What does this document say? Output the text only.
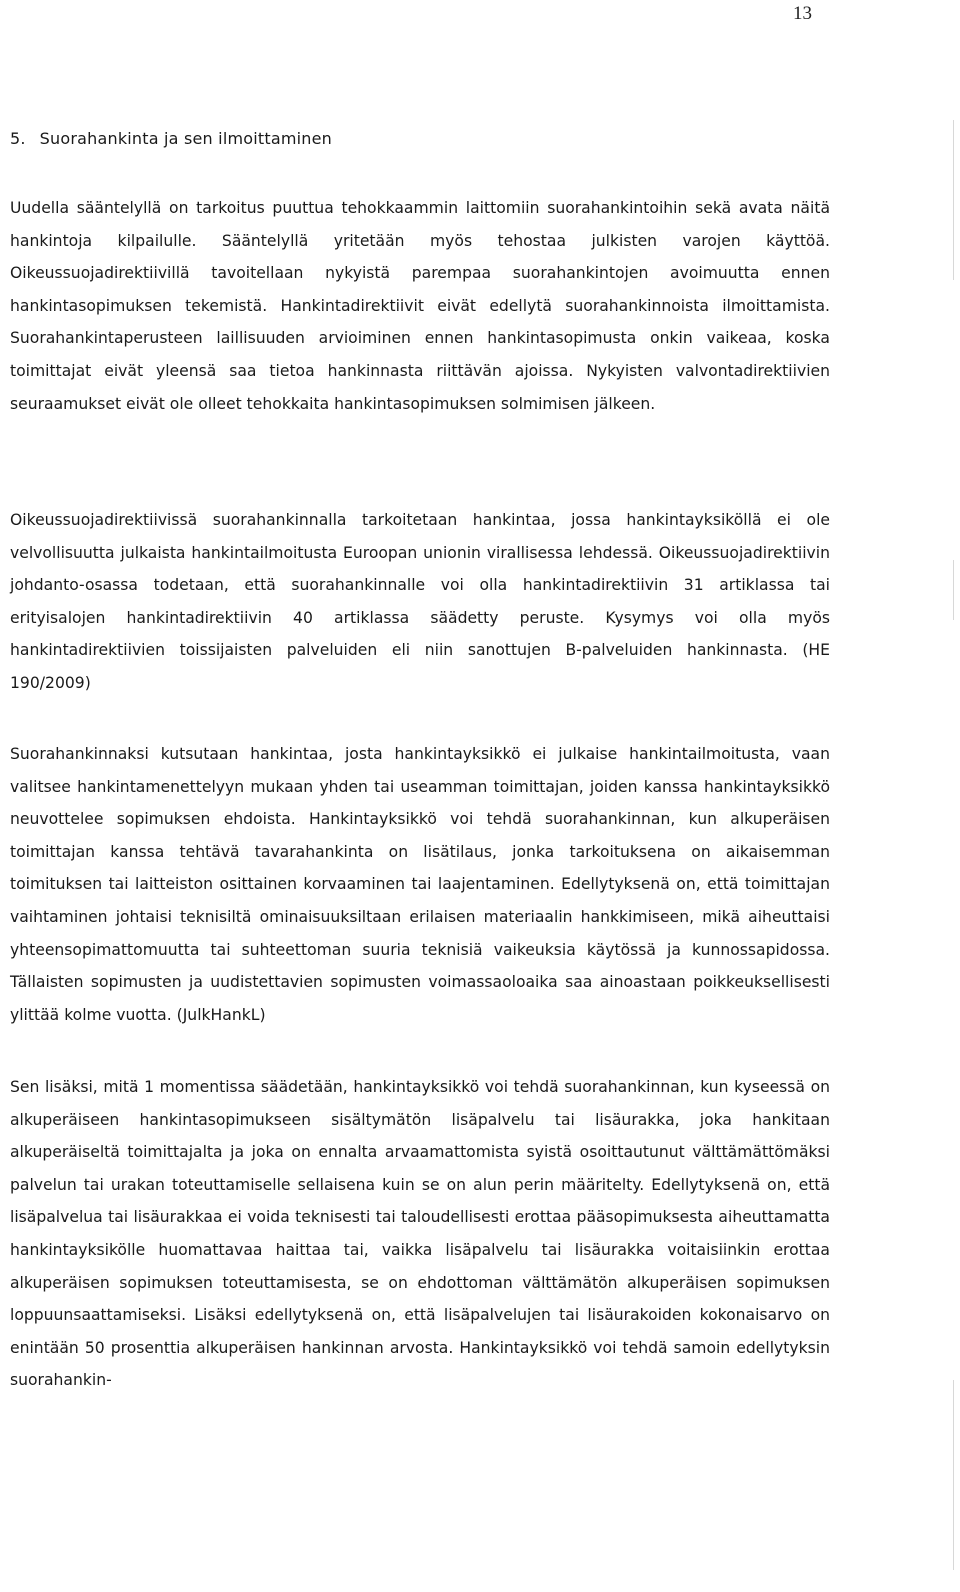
13
5. Suorahankinta ja sen ilmoittaminen

Uudella sääntelyllä on tarkoitus puuttua tehokkaammin laittomiin suorahankintoihin sekä avata näitä hankintoja kilpailulle. Sääntelyllä yritetään myös tehostaa julkisten varojen käyttöä. Oikeussuojadirektiivillä tavoitellaan nykyistä parempaa suorahankintojen avoimuutta ennen hankintasopimuksen tekemistä. Hankintadirektiivit eivät edellytä suorahankinnoista ilmoittamista. Suorahankintaperusteen laillisuuden arvioiminen ennen hankintasopimusta onkin vaikeaa, koska toimittajat eivät yleensä saa tietoa hankinnasta riittävän ajoissa. Nykyisten valvontadirektiivien seuraamukset eivät ole olleet tehokkaita hankintasopimuksen solmimisen jälkeen.

Oikeussuojadirektiivissä suorahankinnalla tarkoitetaan hankintaa, jossa hankintayksiköllä ei ole velvollisuutta julkaista hankintailmoitusta Euroopan unionin virallisessa lehdessä. Oikeussuojadirektiivin johdanto-osassa todetaan, että suorahankinnalle voi olla hankintadirektiivin 31 artiklassa tai erityisalojen hankintadirektiivin 40 artiklassa säädetty peruste. Kysymys voi olla myös hankintadirektiivien toissijaisten palveluiden eli niin sanottujen B-palveluiden hankinnasta. (HE 190/2009)

Suorahankinnaksi kutsutaan hankintaa, josta hankintayksikkö ei julkaise hankintailmoitusta, vaan valitsee hankintamenettelyyn mukaan yhden tai useamman toimittajan, joiden kanssa hankintayksikkö neuvottelee sopimuksen ehdoista. Hankintayksikkö voi tehdä suorahankinnan, kun alkuperäisen toimittajan kanssa tehtävä tavarahankinta on lisätilaus, jonka tarkoituksena on aikaisemman toimituksen tai laitteiston osittainen korvaaminen tai laajentaminen. Edellytyksenä on, että toimittajan vaihtaminen johtaisi teknisiltä ominaisuuksiltaan erilaisen materiaalin hankkimiseen, mikä aiheuttaisi yhteensopimattomuutta tai suhteettoman suuria teknisiä vaikeuksia käytössä ja kunnossapidossa. Tällaisten sopimusten ja uudistettavien sopimusten voimassaoloaika saa ainoastaan poikkeuksellisesti ylittää kolme vuotta. (JulkHankL)

Sen lisäksi, mitä 1 momentissa säädetään, hankintayksikkö voi tehdä suorahankinnan, kun kyseessä on alkuperäiseen hankintasopimukseen sisältymätön lisäpalvelu tai lisäurakka, joka hankitaan alkuperäiseltä toimittajalta ja joka on ennalta arvaamattomista syistä osoittautunut välttämättömäksi palvelun tai urakan toteuttamiselle sellaisena kuin se on alun perin määritelty. Edellytyksenä on, että lisäpalvelua tai lisäurakkaa ei voida teknisesti tai taloudellisesti erottaa pääsopimuksesta aiheuttamatta hankintayksikölle huomattavaa haittaa tai, vaikka lisäpalvelu tai lisäurakka voitaisiinkin erottaa alkuperäisen sopimuksen toteuttamisesta, se on ehdottoman välttämätön alkuperäisen sopimuksen loppuunsaattamiseksi. Lisäksi edellytyksenä on, että lisäpalvelujen tai lisäurakoiden kokonaisarvo on enintään 50 prosenttia alkuperäisen hankinnan arvosta. Hankintayksikkö voi tehdä samoin edellytyksin suorahankin-
